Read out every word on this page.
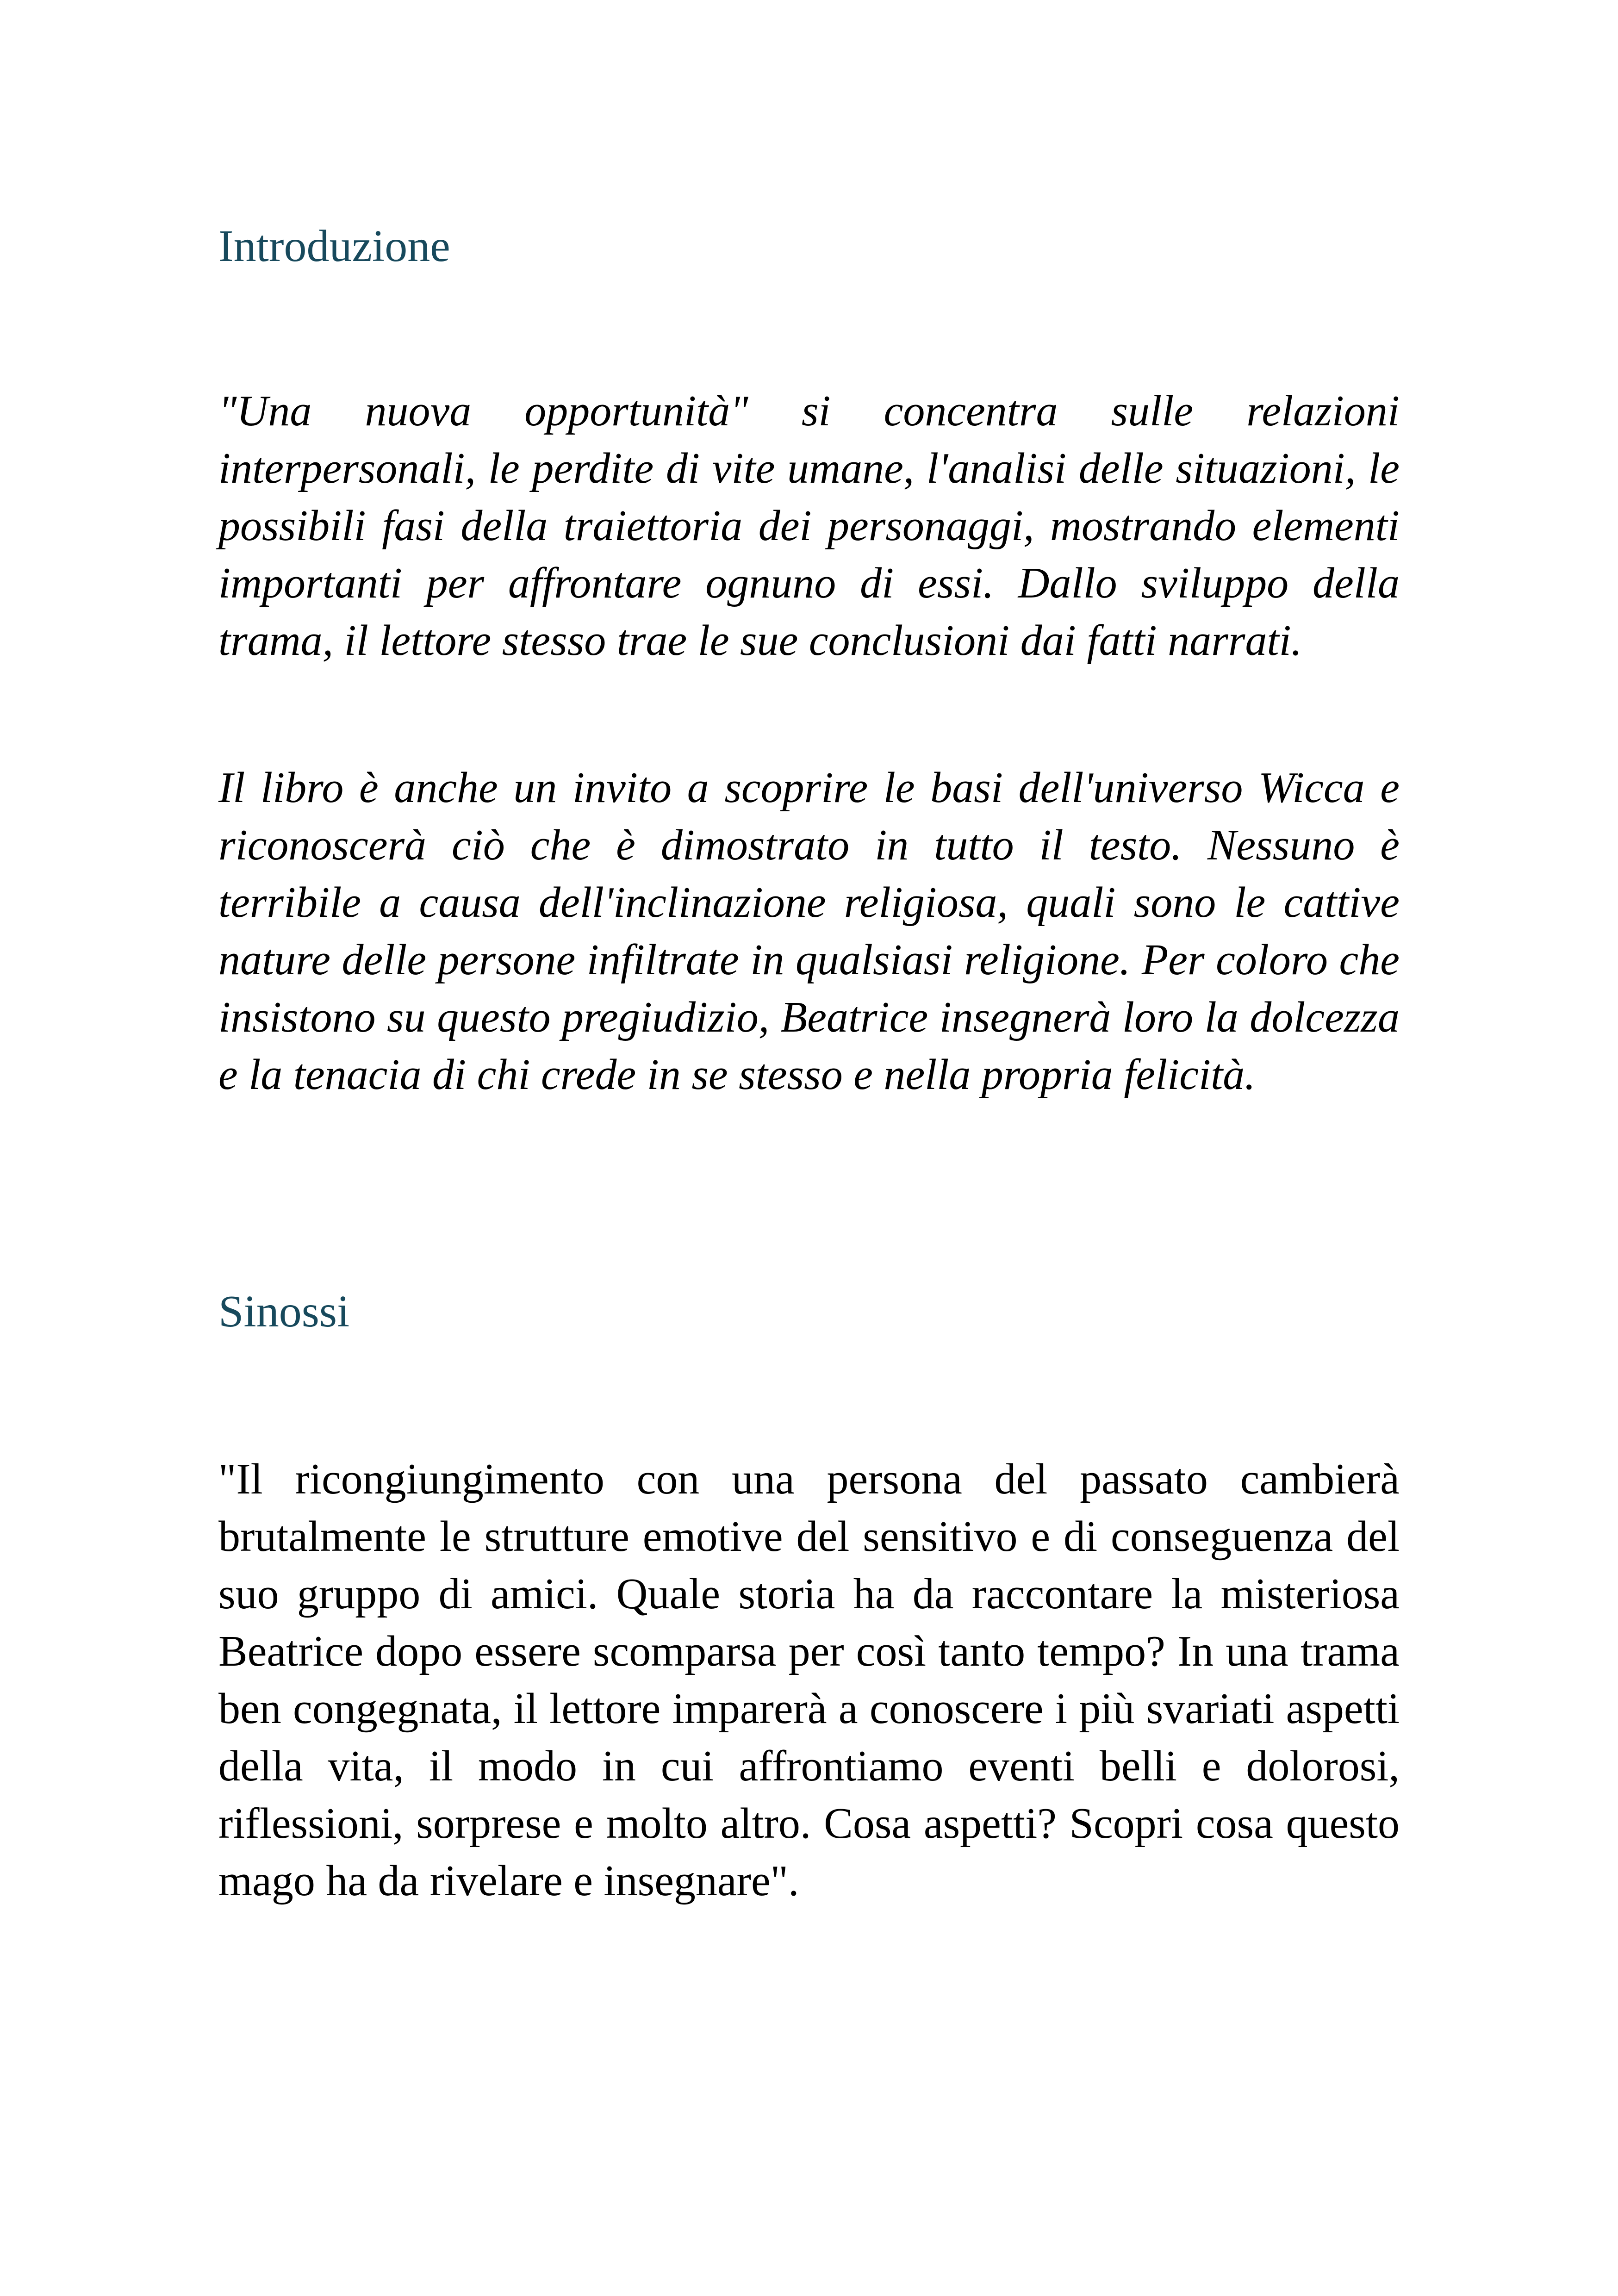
Introduzione

"Una nuova opportunità" si concentra sulle relazioni interpersonali, le perdite di vite umane, l'analisi delle situazioni, le possibili fasi della traiettoria dei personaggi, mostrando elementi importanti per affrontare ognuno di essi. Dallo sviluppo della trama, il lettore stesso trae le sue conclusioni dai fatti narrati.

Il libro è anche un invito a scoprire le basi dell'universo Wicca e riconoscerà ciò che è dimostrato in tutto il testo. Nessuno è terribile a causa dell'inclinazione religiosa, quali sono le cattive nature delle persone infiltrate in qualsiasi religione. Per coloro che insistono su questo pregiudizio, Beatrice insegnerà loro la dolcezza e la tenacia di chi crede in se stesso e nella propria felicità.

Sinossi

"Il ricongiungimento con una persona del passato cambierà brutalmente le strutture emotive del sensitivo e di conseguenza del suo gruppo di amici. Quale storia ha da raccontare la misteriosa Beatrice dopo essere scomparsa per così tanto tempo? In una trama ben congegnata, il lettore imparerà a conoscere i più svariati aspetti della vita, il modo in cui affrontiamo eventi belli e dolorosi, riflessioni, sorprese e molto altro. Cosa aspetti? Scopri cosa questo mago ha da rivelare e insegnare".
